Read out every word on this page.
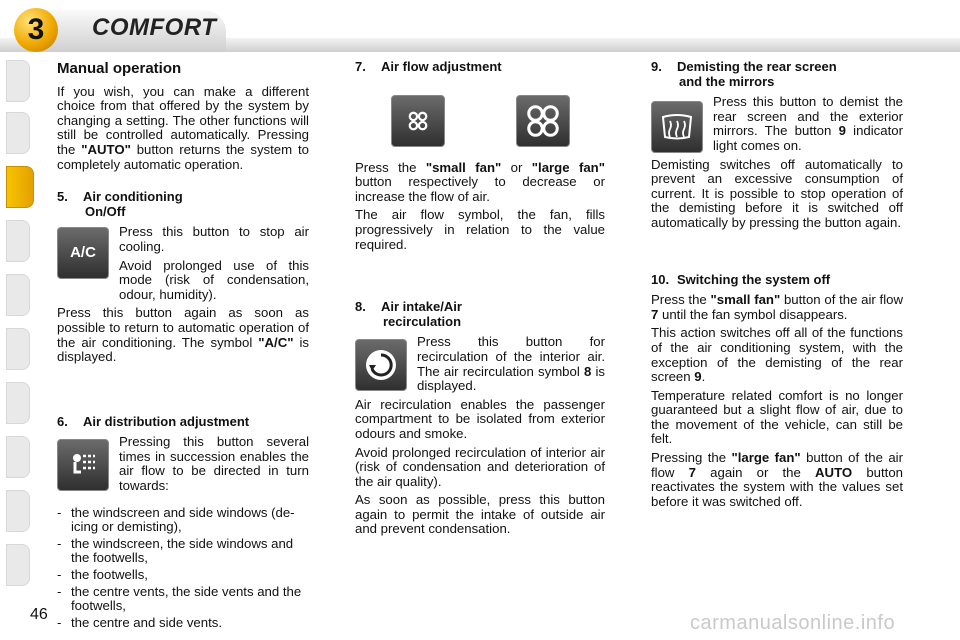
3 COMFORT
Manual operation

If you wish, you can make a different choice from that offered by the system by changing a setting. The other functions will still be controlled automatically. Pressing the "AUTO" button returns the system to completely automatic operation.

5. Air conditioning
On/Off
A/C

Press this button to stop air cooling.

Avoid prolonged use of this mode (risk of condensation, odour, humidity).

Press this button again as soon as possible to return to automatic operation of the air conditioning. The symbol "A/C" is displayed.

6. Air distribution adjustment

Pressing this button several times in succession enables the air flow to be directed in turn towards:

- the windscreen and side windows (de-icing or demisting),
- the windscreen, the side windows and the footwells,
- the footwells,
- the centre vents, the side vents and the footwells,
- the centre and side vents.
7. Air flow adjustment

Press the "small fan" or "large fan" button respectively to decrease or increase the flow of air.

The air flow symbol, the fan, fills progressively in relation to the value required.

8. Air intake/Air
recirculation

Press this button for recirculation of the interior air. The air recirculation symbol 8 is displayed.

Air recirculation enables the passenger compartment to be isolated from exterior odours and smoke.

Avoid prolonged recirculation of interior air (risk of condensation and deterioration of the air quality).

As soon as possible, press this button again to permit the intake of outside air and prevent condensation.

9. Demisting the rear screen
and the mirrors

Press this button to demist the rear screen and the exterior mirrors. The button 9 indicator light comes on.

Demisting switches off automatically to prevent an excessive consumption of current. It is possible to stop operation of the demisting before it is switched off automatically by pressing the button again.

10. Switching the system off

Press the "small fan" button of the air flow 7 until the fan symbol disappears.

This action switches off all of the functions of the air conditioning system, with the exception of the demisting of the rear screen 9.

Temperature related comfort is no longer guaranteed but a slight flow of air, due to the movement of the vehicle, can still be felt.

Pressing the "large fan" button of the air flow 7 again or the AUTO button reactivates the system with the values set before it was switched off.

46	carmanualsonline.info
